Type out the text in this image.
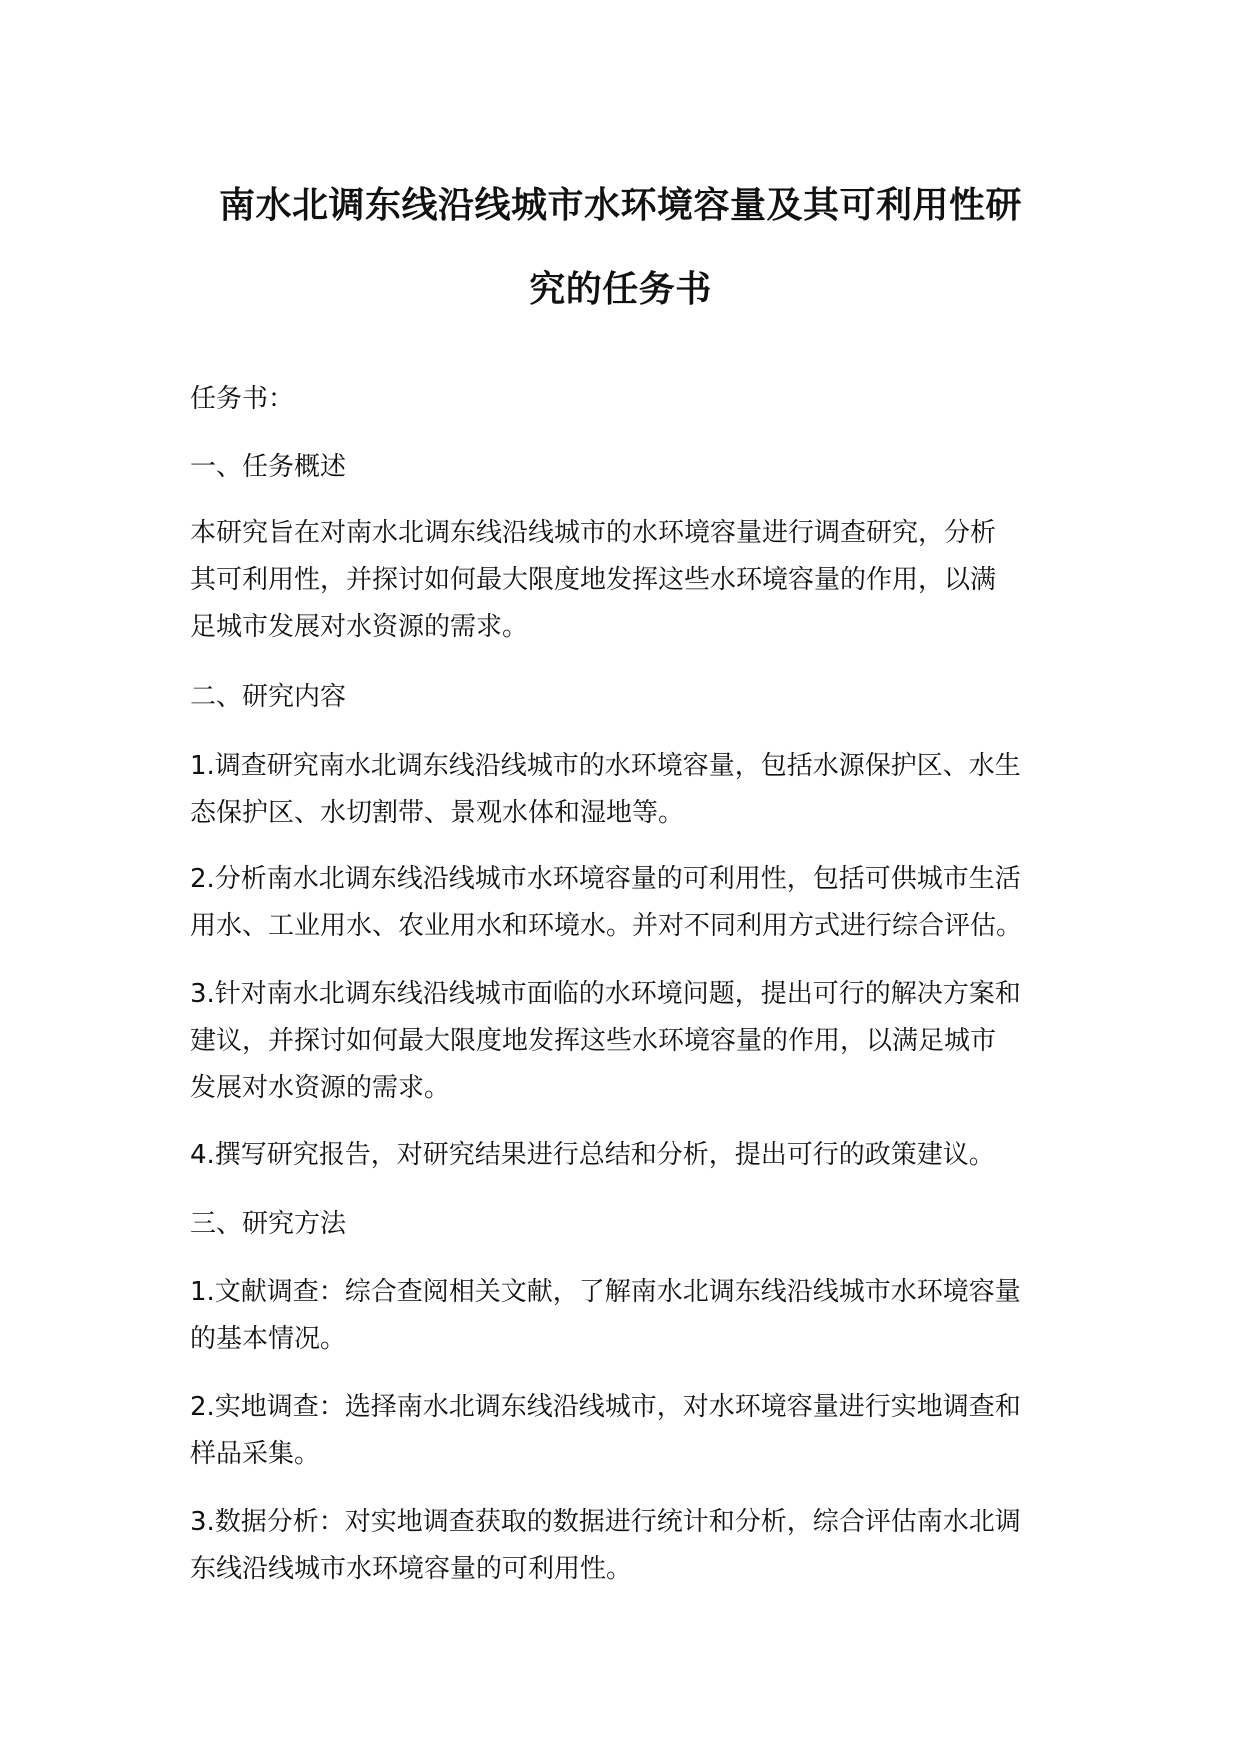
南水北调东线沿线城市水环境容量及其可利用性研
究的任务书
任务书：
一、任务概述
本研究旨在对南水北调东线沿线城市的水环境容量进行调查研究，分析
其可利用性，并探讨如何最大限度地发挥这些水环境容量的作用，以满
足城市发展对水资源的需求。
二、研究内容
1.调查研究南水北调东线沿线城市的水环境容量，包括水源保护区、水生
态保护区、水切割带、景观水体和湿地等。
2.分析南水北调东线沿线城市水环境容量的可利用性，包括可供城市生活
用水、工业用水、农业用水和环境水。并对不同利用方式进行综合评估。
3.针对南水北调东线沿线城市面临的水环境问题，提出可行的解决方案和
建议，并探讨如何最大限度地发挥这些水环境容量的作用，以满足城市
发展对水资源的需求。
4.撰写研究报告，对研究结果进行总结和分析，提出可行的政策建议。
三、研究方法
1.文献调查：综合查阅相关文献，了解南水北调东线沿线城市水环境容量
的基本情况。
2.实地调查：选择南水北调东线沿线城市，对水环境容量进行实地调查和
样品采集。
3.数据分析：对实地调查获取的数据进行统计和分析，综合评估南水北调
东线沿线城市水环境容量的可利用性。
